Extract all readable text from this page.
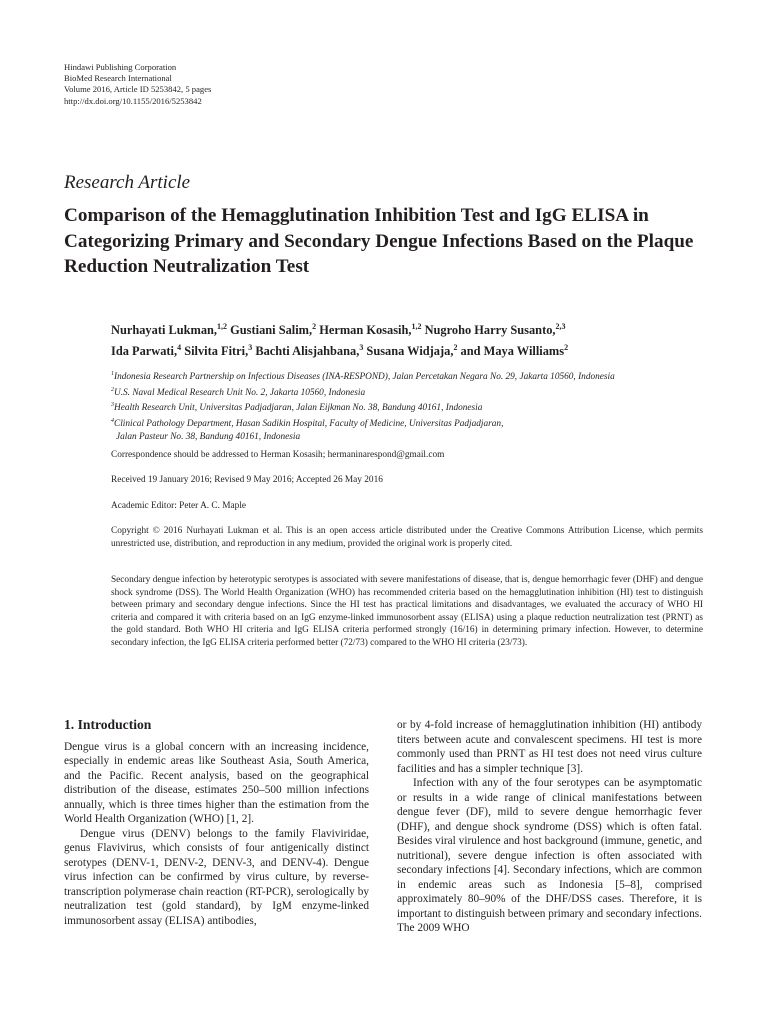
Hindawi Publishing Corporation
BioMed Research International
Volume 2016, Article ID 5253842, 5 pages
http://dx.doi.org/10.1155/2016/5253842
Research Article
Comparison of the Hemagglutination Inhibition Test and IgG ELISA in Categorizing Primary and Secondary Dengue Infections Based on the Plaque Reduction Neutralization Test
Nurhayati Lukman,$^{1,2}$ Gustiani Salim,$^2$ Herman Kosasih,$^{1,2}$ Nugroho Harry Susanto,$^{2,3}$
Ida Parwati,$^4$ Silvita Fitri,$^3$ Bachti Alisjahbana,$^3$ Susana Widjaja,$^2$ and Maya Williams$^2$
$^1$Indonesia Research Partnership on Infectious Diseases (INA-RESPOND), Jalan Percetakan Negara No. 29, Jakarta 10560, Indonesia
$^2$U.S. Naval Medical Research Unit No. 2, Jakarta 10560, Indonesia
$^3$Health Research Unit, Universitas Padjadjaran, Jalan Eijkman No. 38, Bandung 40161, Indonesia
$^4$Clinical Pathology Department, Hasan Sadikin Hospital, Faculty of Medicine, Universitas Padjadjaran,
Jalan Pasteur No. 38, Bandung 40161, Indonesia
Correspondence should be addressed to Herman Kosasih; hermaninarespond@gmail.com
Received 19 January 2016; Revised 9 May 2016; Accepted 26 May 2016
Academic Editor: Peter A. C. Maple
Copyright © 2016 Nurhayati Lukman et al. This is an open access article distributed under the Creative Commons Attribution License, which permits unrestricted use, distribution, and reproduction in any medium, provided the original work is properly cited.
Secondary dengue infection by heterotypic serotypes is associated with severe manifestations of disease, that is, dengue hemorrhagic fever (DHF) and dengue shock syndrome (DSS). The World Health Organization (WHO) has recommended criteria based on the hemagglutination inhibition (HI) test to distinguish between primary and secondary dengue infections. Since the HI test has practical limitations and disadvantages, we evaluated the accuracy of WHO HI criteria and compared it with criteria based on an IgG enzyme-linked immunosorbent assay (ELISA) using a plaque reduction neutralization test (PRNT) as the gold standard. Both WHO HI criteria and IgG ELISA criteria performed strongly (16/16) in determining primary infection. However, to determine secondary infection, the IgG ELISA criteria performed better (72/73) compared to the WHO HI criteria (23/73).
1. Introduction

Dengue virus is a global concern with an increasing incidence, especially in endemic areas like Southeast Asia, South America, and the Pacific. Recent analysis, based on the geographical distribution of the disease, estimates 250–500 million infections annually, which is three times higher than the estimation from the World Health Organization (WHO) [1, 2].

Dengue virus (DENV) belongs to the family Flaviviridae, genus Flavivirus, which consists of four antigenically distinct serotypes (DENV-1, DENV-2, DENV-3, and DENV-4). Dengue virus infection can be confirmed by virus culture, by reverse-transcription polymerase chain reaction (RT-PCR), serologically by neutralization test (gold standard), by IgM enzyme-linked immunosorbent assay (ELISA) antibodies,

or by 4-fold increase of hemagglutination inhibition (HI) antibody titers between acute and convalescent specimens. HI test is more commonly used than PRNT as HI test does not need virus culture facilities and has a simpler technique [3].

Infection with any of the four serotypes can be asymptomatic or results in a wide range of clinical manifestations between dengue fever (DF), mild to severe dengue hemorrhagic fever (DHF), and dengue shock syndrome (DSS) which is often fatal. Besides viral virulence and host background (immune, genetic, and nutritional), severe dengue infection is often associated with secondary infections [4]. Secondary infections, which are common in endemic areas such as Indonesia [5–8], comprised approximately 80–90% of the DHF/DSS cases. Therefore, it is important to distinguish between primary and secondary infections. The 2009 WHO
